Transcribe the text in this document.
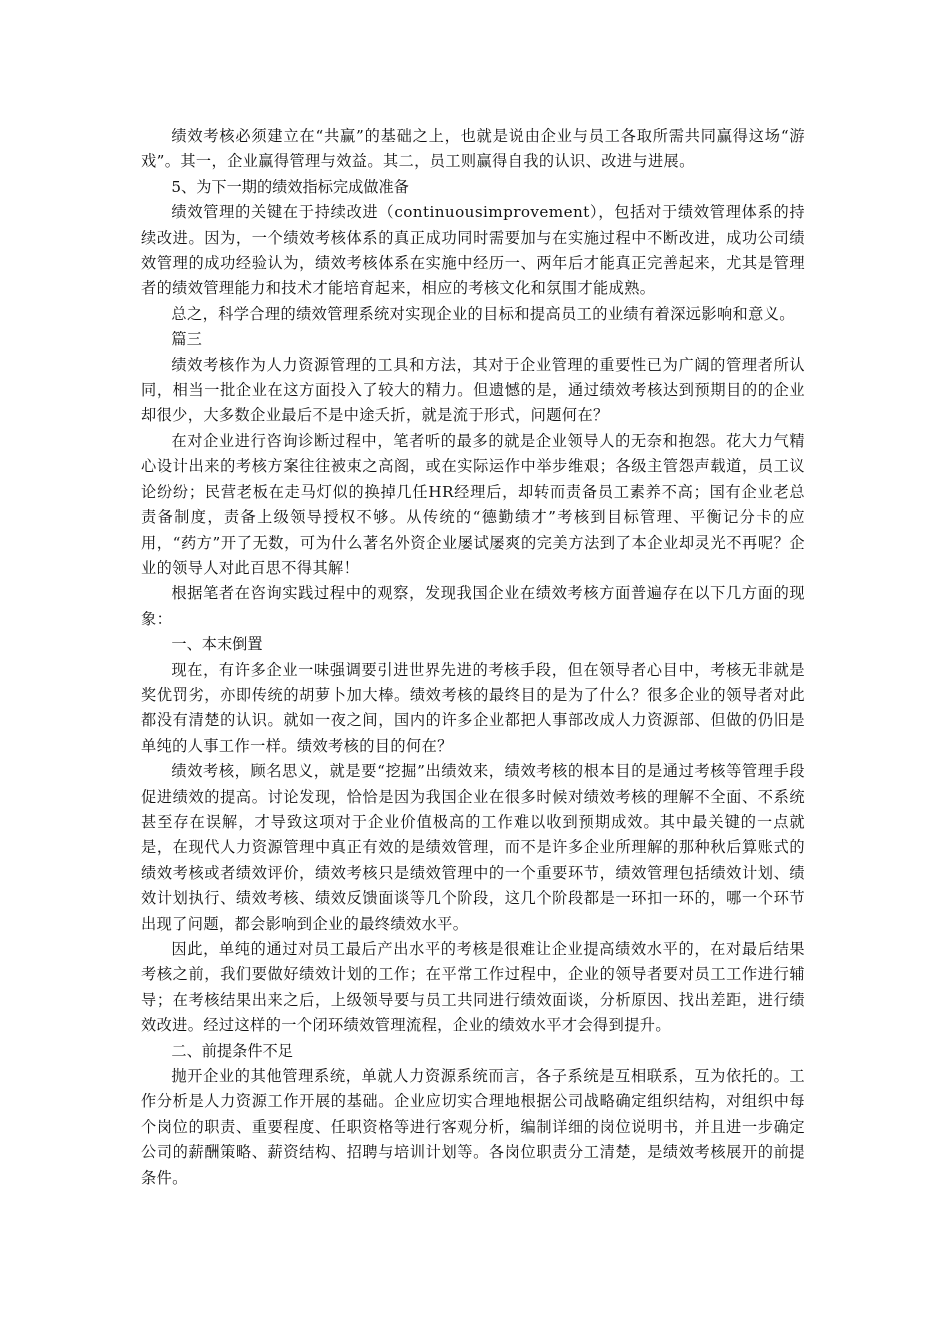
绩效考核必须建立在“共赢”的基础之上，也就是说由企业与员工各取所需共同赢得这场“游戏”。其一，企业赢得管理与效益。其二，员工则赢得自我的认识、改进与进展。

5、为下一期的绩效指标完成做准备

绩效管理的关键在于持续改进（continuousimprovement），包括对于绩效管理体系的持续改进。因为，一个绩效考核体系的真正成功同时需要加与在实施过程中不断改进，成功公司绩效管理的成功经验认为，绩效考核体系在实施中经历一、两年后才能真正完善起来，尤其是管理者的绩效管理能力和技术才能培育起来，相应的考核文化和氛围才能成熟。

总之，科学合理的绩效管理系统对实现企业的目标和提高员工的业绩有着深远影响和意义。

篇三

绩效考核作为人力资源管理的工具和方法，其对于企业管理的重要性已为广阔的管理者所认同，相当一批企业在这方面投入了较大的精力。但遗憾的是，通过绩效考核达到预期目的的企业却很少，大多数企业最后不是中途夭折，就是流于形式，问题何在？

在对企业进行咨询诊断过程中，笔者听的最多的就是企业领导人的无奈和抱怨。花大力气精心设计出来的考核方案往往被束之高阁，或在实际运作中举步维艰；各级主管怨声载道，员工议论纷纷；民营老板在走马灯似的换掉几任HR经理后，却转而责备员工素养不高；国有企业老总责备制度，责备上级领导授权不够。从传统的“德勤绩才”考核到目标管理、平衡记分卡的应用，“药方”开了无数，可为什么著名外资企业屡试屡爽的完美方法到了本企业却灵光不再呢？企业的领导人对此百思不得其解！

根据笔者在咨询实践过程中的观察，发现我国企业在绩效考核方面普遍存在以下几方面的现象：

一、本末倒置

现在，有许多企业一味强调要引进世界先进的考核手段，但在领导者心目中，考核无非就是奖优罚劣，亦即传统的胡萝卜加大棒。绩效考核的最终目的是为了什么？很多企业的领导者对此都没有清楚的认识。就如一夜之间，国内的许多企业都把人事部改成人力资源部、但做的仍旧是单纯的人事工作一样。绩效考核的目的何在？

绩效考核，顾名思义，就是要“挖掘”出绩效来，绩效考核的根本目的是通过考核等管理手段促进绩效的提高。讨论发现，恰恰是因为我国企业在很多时候对绩效考核的理解不全面、不系统甚至存在误解，才导致这项对于企业价值极高的工作难以收到预期成效。其中最关键的一点就是，在现代人力资源管理中真正有效的是绩效管理，而不是许多企业所理解的那种秋后算账式的绩效考核或者绩效评价，绩效考核只是绩效管理中的一个重要环节，绩效管理包括绩效计划、绩效计划执行、绩效考核、绩效反馈面谈等几个阶段，这几个阶段都是一环扣一环的，哪一个环节出现了问题，都会影响到企业的最终绩效水平。

因此，单纯的通过对员工最后产出水平的考核是很难让企业提高绩效水平的，在对最后结果考核之前，我们要做好绩效计划的工作；在平常工作过程中，企业的领导者要对员工工作进行辅导；在考核结果出来之后，上级领导要与员工共同进行绩效面谈，分析原因、找出差距，进行绩效改进。经过这样的一个闭环绩效管理流程，企业的绩效水平才会得到提升。

二、前提条件不足

抛开企业的其他管理系统，单就人力资源系统而言，各子系统是互相联系，互为依托的。工作分析是人力资源工作开展的基础。企业应切实合理地根据公司战略确定组织结构，对组织中每个岗位的职责、重要程度、任职资格等进行客观分析，编制详细的岗位说明书，并且进一步确定公司的薪酬策略、薪资结构、招聘与培训计划等。各岗位职责分工清楚，是绩效考核展开的前提条件。
